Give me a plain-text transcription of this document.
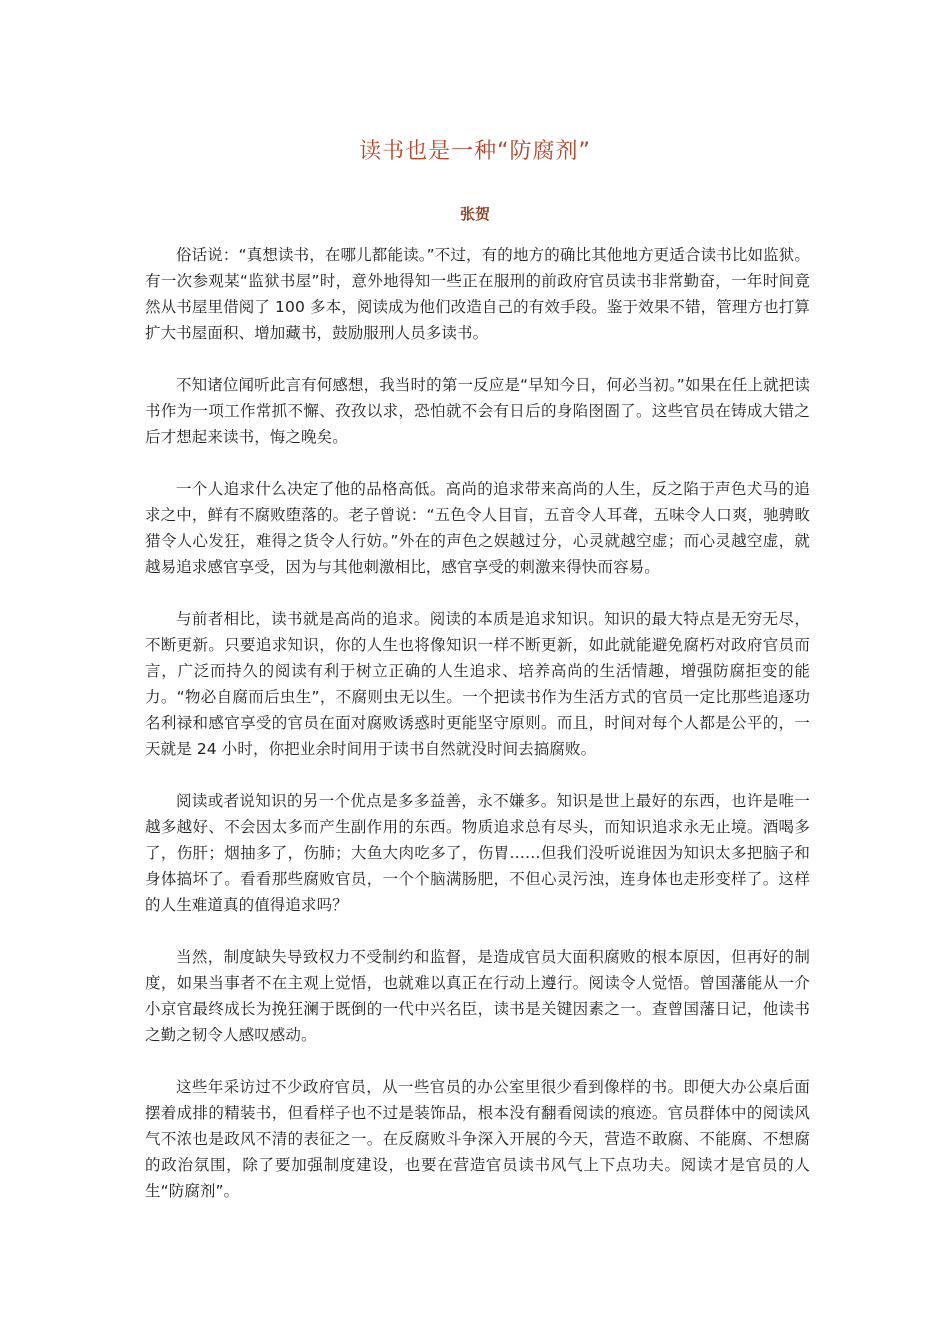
读书也是一种“防腐剂”
张贺

俗话说：“真想读书，在哪儿都能读。”不过，有的地方的确比其他地方更适合读书比如监狱。有一次参观某“监狱书屋”时，意外地得知一些正在服刑的前政府官员读书非常勤奋，一年时间竟然从书屋里借阅了 100 多本，阅读成为他们改造自己的有效手段。鉴于效果不错，管理方也打算扩大书屋面积、增加藏书，鼓励服刑人员多读书。

不知诸位闻听此言有何感想，我当时的第一反应是“早知今日，何必当初。”如果在任上就把读书作为一项工作常抓不懈、孜孜以求，恐怕就不会有日后的身陷囹圄了。这些官员在铸成大错之后才想起来读书，悔之晚矣。

一个人追求什么决定了他的品格高低。高尚的追求带来高尚的人生，反之陷于声色犬马的追求之中，鲜有不腐败堕落的。老子曾说：“五色令人目盲，五音令人耳聋，五味令人口爽，驰骋畋猎令人心发狂，难得之货令人行妨。”外在的声色之娱越过分，心灵就越空虚；而心灵越空虚，就越易追求感官享受，因为与其他刺激相比，感官享受的刺激来得快而容易。

与前者相比，读书就是高尚的追求。阅读的本质是追求知识。知识的最大特点是无穷无尽，不断更新。只要追求知识，你的人生也将像知识一样不断更新，如此就能避免腐朽对政府官员而言，广泛而持久的阅读有利于树立正确的人生追求、培养高尚的生活情趣，增强防腐拒变的能力。“物必自腐而后虫生”，不腐则虫无以生。一个把读书作为生活方式的官员一定比那些追逐功名利禄和感官享受的官员在面对腐败诱惑时更能坚守原则。而且，时间对每个人都是公平的，一天就是 24 小时，你把业余时间用于读书自然就没时间去搞腐败。

阅读或者说知识的另一个优点是多多益善，永不嫌多。知识是世上最好的东西，也许是唯一越多越好、不会因太多而产生副作用的东西。物质追求总有尽头，而知识追求永无止境。酒喝多了，伤肝；烟抽多了，伤肺；大鱼大肉吃多了，伤胃……但我们没听说谁因为知识太多把脑子和身体搞坏了。看看那些腐败官员，一个个脑满肠肥，不但心灵污浊，连身体也走形变样了。这样的人生难道真的值得追求吗？

当然，制度缺失导致权力不受制约和监督，是造成官员大面积腐败的根本原因，但再好的制度，如果当事者不在主观上觉悟，也就难以真正在行动上遵行。阅读令人觉悟。曾国藩能从一介小京官最终成长为挽狂澜于既倒的一代中兴名臣，读书是关键因素之一。查曾国藩日记，他读书之勤之韧令人感叹感动。

这些年采访过不少政府官员，从一些官员的办公室里很少看到像样的书。即便大办公桌后面摆着成排的精装书，但看样子也不过是装饰品，根本没有翻看阅读的痕迹。官员群体中的阅读风气不浓也是政风不清的表征之一。在反腐败斗争深入开展的今天，营造不敢腐、不能腐、不想腐的政治氛围，除了要加强制度建设，也要在营造官员读书风气上下点功夫。阅读才是官员的人生“防腐剂”。
